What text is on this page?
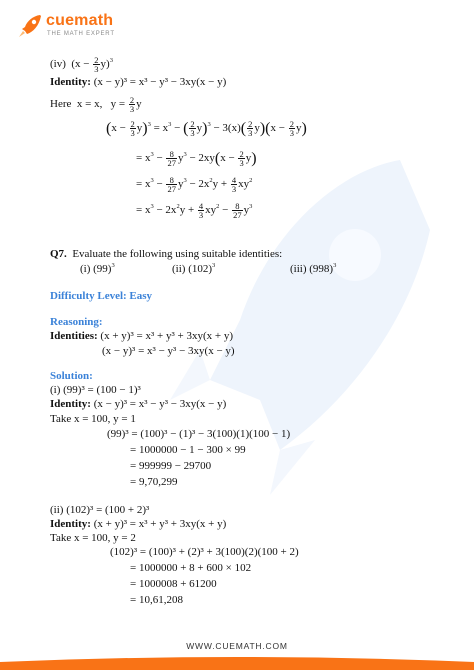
cuemath
THE MATH EXPERT
(iv)  $(x - \frac{2}{3} y)^3$
Identity: (x − y)³ = x³ − y³ − 3xy(x − y)
Here x = x, $y = \frac{2}{3}$ y
$(x - \frac{2}{3} y)^3 = x^3$ − ( $\frac{2}{3} y)^3 - 3(x)( \frac{2}{3} y)(x - \frac{2}{3} y)$
= $x^3 - \frac{8}{27} y^3 - 2xy(x - \frac{2}{3} y)$
= $x^3 - \frac{8}{27} y^3 - 2x^2y + \frac{4}{3} xy^2$
= $x^3 - 2x^2y + \frac{4}{3} xy^2 - \frac{8}{27} y^3$
Q7. Evaluate the following using suitable identities:
(i) $(99)^3$	(ii) $(102)^3$	(iii) $(998)^3$
Difficulty Level: Easy
Reasoning:
Identities: (x + y)³ = x³ + y³ + 3xy(x + y)
(x − y)³ = x³ − y³ − 3xy(x − y)
Solution:
(i) (99)³ = (100 − 1)³
Identity: (x − y)³ = x³ − y³ − 3xy(x − y)
Take x = 100, y = 1
(99)³ = (100)³ − (1)³ − 3(100)(1)(100 − 1)
= 1000000 − 1 − 300 × 99
= 999999 − 29700
= 9,70,299
(ii) (102)³ = (100 + 2)³
Identity: (x + y)³ = x³ + y³ + 3xy(x + y)
Take x = 100, y = 2
(102)³ = (100)³ + (2)³ + 3(100)(2)(100 + 2)
= 1000000 + 8 + 600 × 102
= 1000008 + 61200
= 10,61,208
WWW.CUEMATH.COM
